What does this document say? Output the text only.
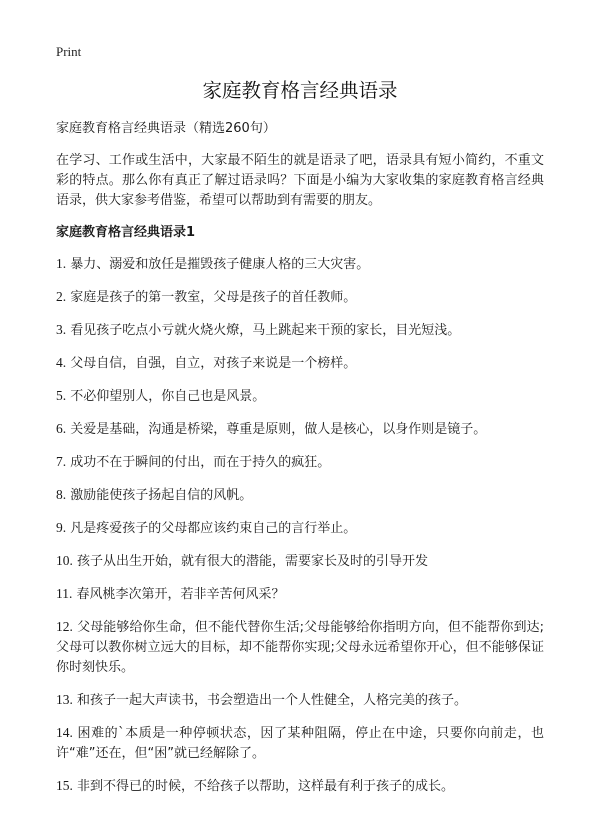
Print
家庭教育格言经典语录

家庭教育格言经典语录（精选260句）

在学习、工作或生活中，大家最不陌生的就是语录了吧，语录具有短小简约，不重文彩的特点。那么你有真正了解过语录吗？下面是小编为大家收集的家庭教育格言经典语录，供大家参考借鉴，希望可以帮助到有需要的朋友。

家庭教育格言经典语录1
1. 暴力、溺爱和放任是摧毁孩子健康人格的三大灾害。
2. 家庭是孩子的第一教室，父母是孩子的首任教师。
3. 看见孩子吃点小亏就火烧火燎，马上跳起来干预的家长，目光短浅。
4. 父母自信，自强，自立，对孩子来说是一个榜样。
5. 不必仰望别人，你自己也是风景。
6. 关爱是基础，沟通是桥梁，尊重是原则，做人是核心，以身作则是镜子。
7. 成功不在于瞬间的付出，而在于持久的疯狂。
8. 激励能使孩子扬起自信的风帆。
9. 凡是疼爱孩子的父母都应该约束自己的言行举止。
10. 孩子从出生开始，就有很大的潜能，需要家长及时的引导开发
11. 春风桃李次第开，若非辛苦何风采？
12. 父母能够给你生命，但不能代替你生活;父母能够给你指明方向，但不能帮你到达;父母可以教你树立远大的目标，却不能帮你实现;父母永远希望你开心，但不能够保证你时刻快乐。
13. 和孩子一起大声读书，书会塑造出一个人性健全，人格完美的孩子。
14. 困难的`本质是一种停顿状态，因了某种阻隔，停止在中途，只要你向前走，也许“难”还在，但“困”就已经解除了。
15. 非到不得已的时候，不给孩子以帮助，这样最有利于孩子的成长。
